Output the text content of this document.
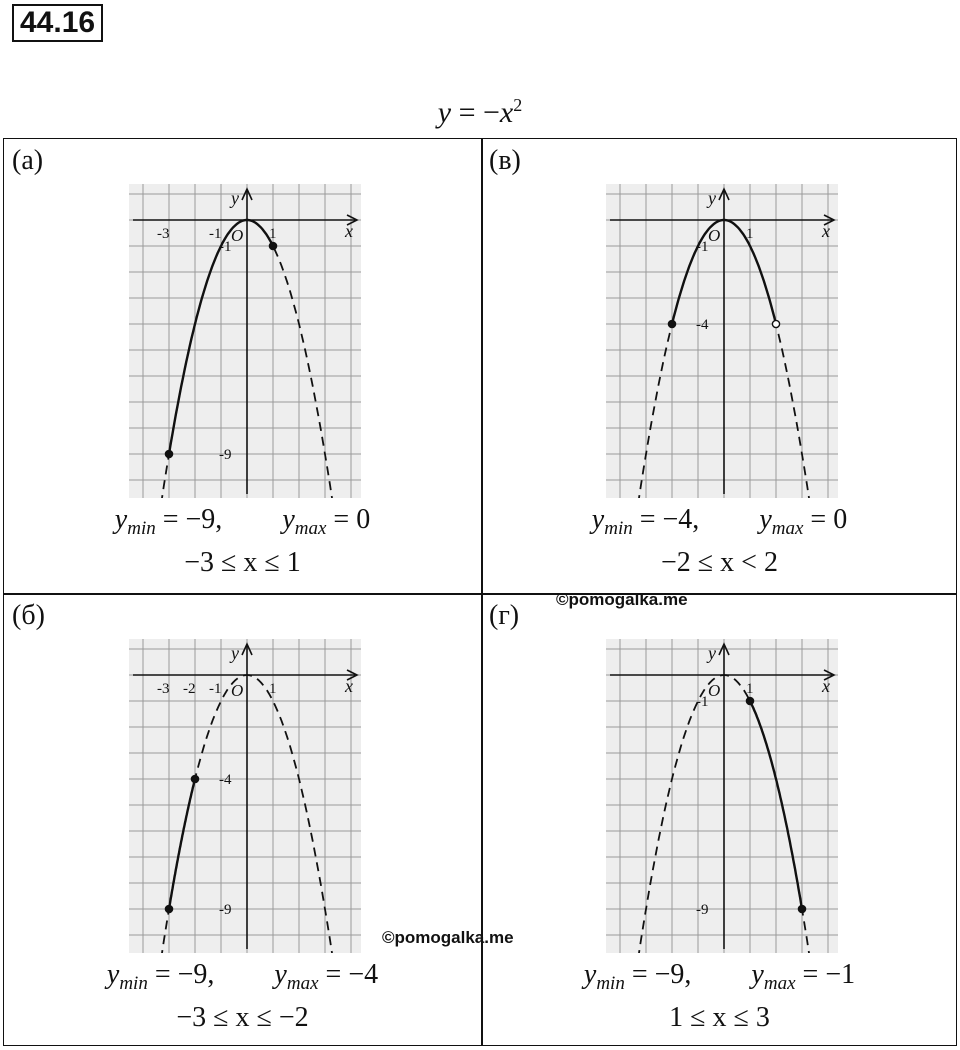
44.16
$y = -x^2$
(а)
x
y
O
-3	-1	1
-1
-9
$y_{min} = -9$, $y_{max} = 0$
−3 ≤ x ≤ 1
(в)
x
y
O 1
-1
-4
$y_{min} = -4$, $y_{max} = 0$
−2 ≤ x < 2
(б)
x
y
O
-3 -2 -1	1
-4
-9
$y_{min} = -9$, $y_{max} = -4$
−3 ≤ x ≤ −2
(г)
x
y
O 1
-1
-9
$y_{min} = -9$, $y_{max} = -1$
1 ≤ x ≤ 3
©pomogalka.me
©pomogalka.me
